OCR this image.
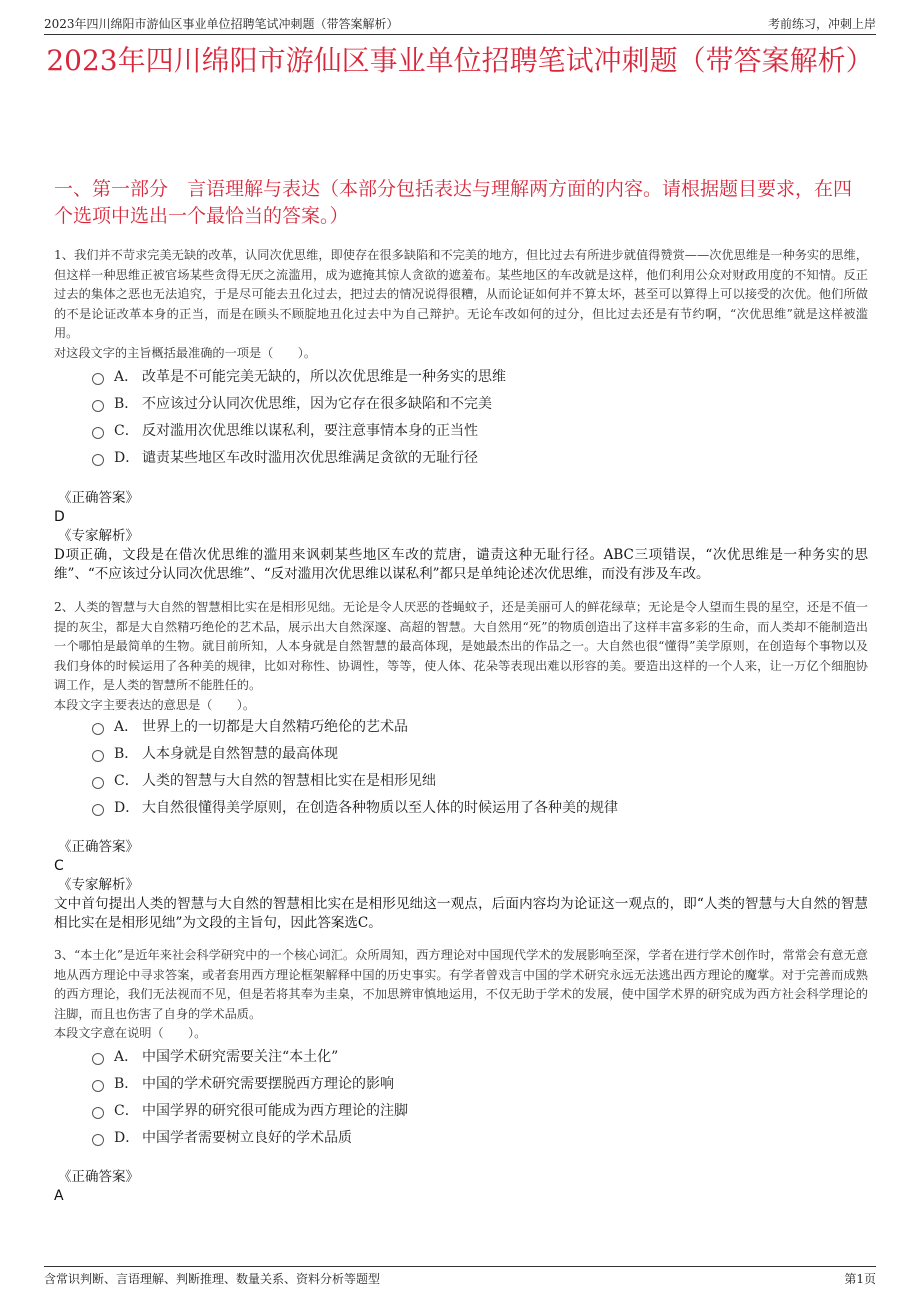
2023年四川绵阳市游仙区事业单位招聘笔试冲刺题（带答案解析）	考前练习，冲刺上岸
2023年四川绵阳市游仙区事业单位招聘笔试冲刺题（带答案解析）
一、第一部分　言语理解与表达（本部分包括表达与理解两方面的内容。请根据题目要求，在四个选项中选出一个最恰当的答案。）

1、我们并不苛求完美无缺的改革，认同次优思维，即使存在很多缺陷和不完美的地方，但比过去有所进步就值得赞赏——次优思维是一种务实的思维，但这样一种思维正被官场某些贪得无厌之流滥用，成为遮掩其惊人贪欲的遮羞布。某些地区的车改就是这样，他们利用公众对财政用度的不知情。反正过去的集体之恶也无法追究，于是尽可能去丑化过去，把过去的情况说得很糟，从而论证如何并不算太坏，甚至可以算得上可以接受的次优。他们所做的不是论证改革本身的正当，而是在顾头不顾腚地丑化过去中为自己辩护。无论车改如何的过分，但比过去还是有节约啊，“次优思维”就是这样被滥用。

对这段文字的主旨概括最准确的一项是（　　）。

A． 改革是不可能完美无缺的，所以次优思维是一种务实的思维
B． 不应该过分认同次优思维，因为它存在很多缺陷和不完美
C． 反对滥用次优思维以谋私利，要注意事情本身的正当性
D． 谴责某些地区车改时滥用次优思维满足贪欲的无耻行径
《正确答案》
D
《专家解析》

D项正确，文段是在借次优思维的滥用来讽刺某些地区车改的荒唐，谴责这种无耻行径。ABC三项错误，“次优思维是一种务实的思维”、“不应该过分认同次优思维”、“反对滥用次优思维以谋私利”都只是单纯论述次优思维，而没有涉及车改。

2、人类的智慧与大自然的智慧相比实在是相形见绌。无论是令人厌恶的苍蝇蚊子，还是美丽可人的鲜花绿草；无论是令人望而生畏的星空，还是不值一提的灰尘，都是大自然精巧绝伦的艺术品，展示出大自然深邃、高超的智慧。大自然用“死”的物质创造出了这样丰富多彩的生命，而人类却不能制造出一个哪怕是最简单的生物。就目前所知，人本身就是自然智慧的最高体现，是她最杰出的作品之一。大自然也很“懂得”美学原则，在创造每个事物以及我们身体的时候运用了各种美的规律，比如对称性、协调性，等等，使人体、花朵等表现出难以形容的美。要造出这样的一个人来，让一万亿个细胞协调工作，是人类的智慧所不能胜任的。

本段文字主要表达的意思是（　　）。

A． 世界上的一切都是大自然精巧绝伦的艺术品
B． 人本身就是自然智慧的最高体现
C． 人类的智慧与大自然的智慧相比实在是相形见绌
D． 大自然很懂得美学原则，在创造各种物质以至人体的时候运用了各种美的规律
《正确答案》
C
《专家解析》

文中首句提出人类的智慧与大自然的智慧相比实在是相形见绌这一观点，后面内容均为论证这一观点的，即“人类的智慧与大自然的智慧相比实在是相形见绌”为文段的主旨句，因此答案选C。

3、“本土化”是近年来社会科学研究中的一个核心词汇。众所周知，西方理论对中国现代学术的发展影响至深，学者在进行学术创作时，常常会有意无意地从西方理论中寻求答案，或者套用西方理论框架解释中国的历史事实。有学者曾戏言中国的学术研究永远无法逃出西方理论的魔掌。对于完善而成熟的西方理论，我们无法视而不见，但是若将其奉为圭臬，不加思辨审慎地运用，不仅无助于学术的发展，使中国学术界的研究成为西方社会科学理论的注脚，而且也伤害了自身的学术品质。

本段文字意在说明（　　）。

A． 中国学术研究需要关注“本土化”
B． 中国的学术研究需要摆脱西方理论的影响
C． 中国学界的研究很可能成为西方理论的注脚
D． 中国学者需要树立良好的学术品质
《正确答案》
A
含常识判断、言语理解、判断推理、数量关系、资料分析等题型	第1页
